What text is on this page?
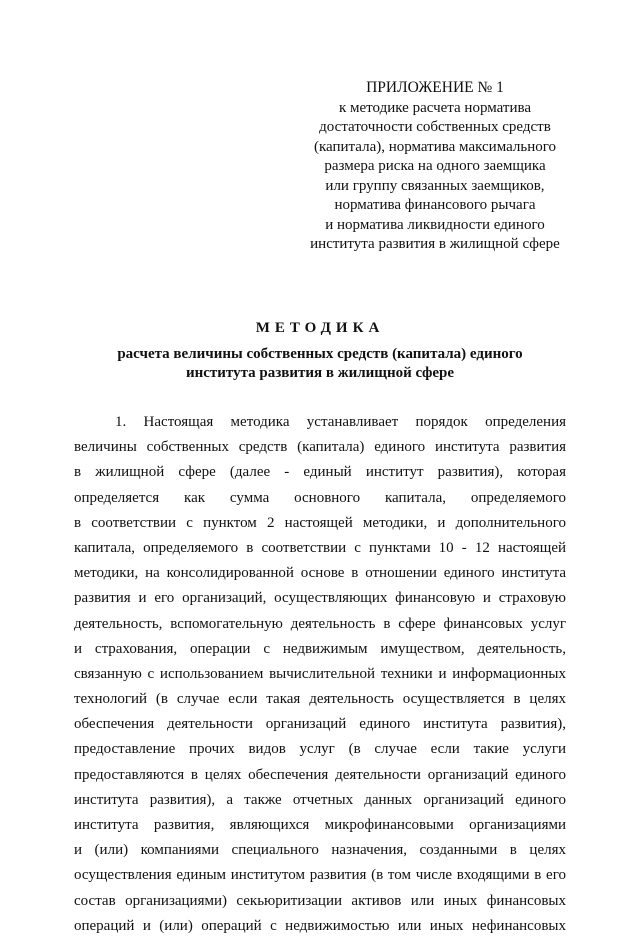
ПРИЛОЖЕНИЕ № 1
к методике расчета норматива
достаточности собственных средств
(капитала), норматива максимального
размера риска на одного заемщика
или группу связанных заемщиков,
норматива финансового рычага
и норматива ликвидности единого
института развития в жилищной сфере
МЕТОДИКА
расчета величины собственных средств (капитала) единого
института развития в жилищной сфере
1. Настоящая методика устанавливает порядок определения
величины собственных средств (капитала) единого института развития
в жилищной сфере (далее - единый институт развития), которая
определяется как сумма основного капитала, определяемого
в соответствии с пунктом 2 настоящей методики, и дополнительного
капитала, определяемого в соответствии с пунктами 10 - 12 настоящей
методики, на консолидированной основе в отношении единого института
развития и его организаций, осуществляющих финансовую и страховую
деятельность, вспомогательную деятельность в сфере финансовых услуг
и страхования, операции с недвижимым имуществом, деятельность,
связанную с использованием вычислительной техники и информационных
технологий (в случае если такая деятельность осуществляется в целях
обеспечения деятельности организаций единого института развития),
предоставление прочих видов услуг (в случае если такие услуги
предоставляются в целях обеспечения деятельности организаций единого
института развития), а также отчетных данных организаций единого
института развития, являющихся микрофинансовыми организациями
и (или) компаниями специального назначения, созданными в целях
осуществления единым институтом развития (в том числе входящими в его
состав организациями) секьюритизации активов или иных финансовых
операций и (или) операций с недвижимостью или иных нефинансовых
